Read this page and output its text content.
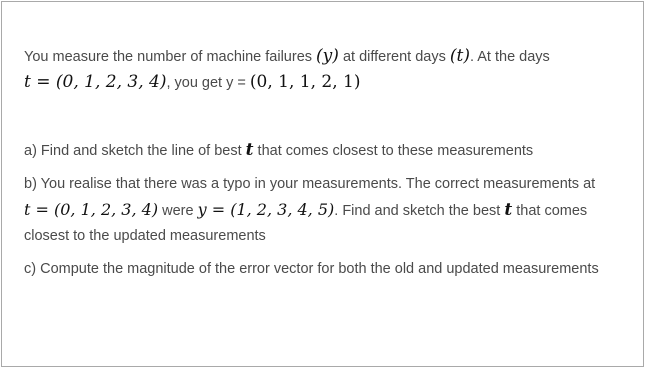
You measure the number of machine failures (y) at different days (t). At the days
t = (0, 1, 2, 3, 4), you get y = (0, 1, 1, 2, 1)

a) Find and sketch the line of best t that comes closest to these measurements

b) You realise that there was a typo in your measurements. The correct measurements at t = (0, 1, 2, 3, 4) were y = (1, 2, 3, 4, 5). Find and sketch the best t that comes closest to the updated measurements

c) Compute the magnitude of the error vector for both the old and updated measurements
